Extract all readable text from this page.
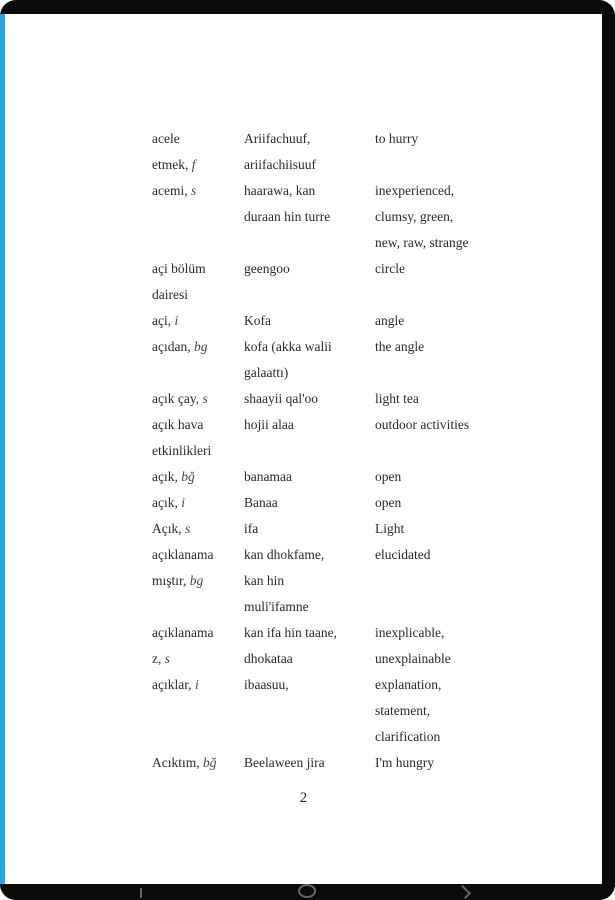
acele	Ariifachuuf,	to hurry
etmek, f	ariifachiisuuf	
acemi, s	haarawa, kan	inexperienced,
	duraan hin turre	clumsy, green,
		new, raw, strange
açi bölüm	geengoo	circle
dairesi		
açi, i	Kofa	angle
açıdan, bg	kofa (akka walii	the angle
	galaattı)	
açık çay, s	shaayii qal'oo	light tea
açık hava	hojii alaa	outdoor activities
etkinlikleri		
açık, bğ	banamaa	open
açık, i	Banaa	open
Açık, s	ifa	Light
açıklanama	kan dhokfame,	elucidated
mıştır, bg	kan hin	
	muli'ifamne	
açıklanama	kan ifa hin taane,	inexplicable,
z, s	dhokataa	unexplainable
açıklar, i	ibaasuu,	explanation,
		statement,
		clarification
Acıktım, bğ	Beelaween jira	I'm hungry
2
